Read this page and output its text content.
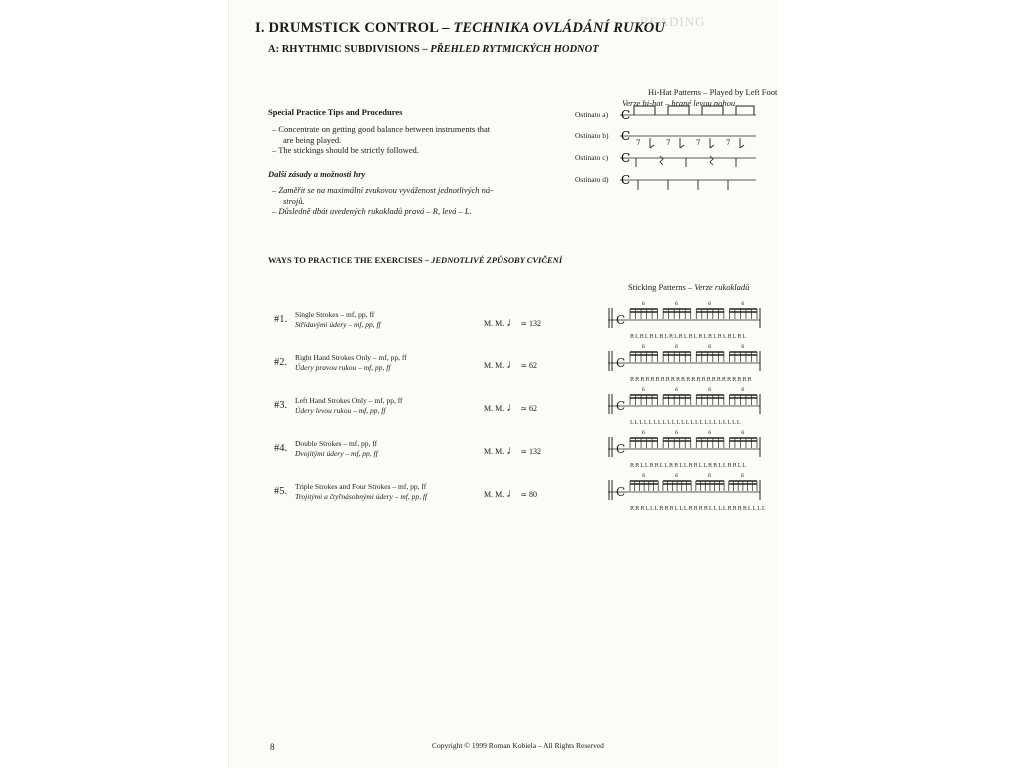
READING
I. DRUMSTICK CONTROL – TECHNIKA OVLÁDÁNÍ RUKOU
A: RHYTHMIC SUBDIVISIONS – PŘEHLED RYTMICKÝCH HODNOT
Special Practice Tips and Procedures
– Concentrate on getting good balance between instruments that
are being played.
– The stickings should be strictly followed.
Další zásady a možnosti hry
– Zaměřit se na maximální zvukovou vyváženost jednotlivých ná-
strojů.
– Důsledně dbát uvedených rukokladů pravá – R, levá – L.
Hi-Hat Patterns – Played by Left Foot
Verze hi-hat – hrané levou nohou
Ostinato a)
Ostinato b)
Ostinato c)
Ostinato d)
C
C 7	7	7	7
C
C
WAYS TO PRACTICE THE EXERCISES – JEDNOTLIVÉ ZPŮSOBY CVIČENÍ
Sticking Patterns – Verze rukokladů
#1. Single Strokes – mf, pp, ff
Střídavými údery – mf, pp, ff	M. M. ♩ ≃ 132
#2. Right Hand Strokes Only – mf, pp, ff
Údery pravou rukou – mf, pp, ff	M. M. ♩ ≃ 62
#3. Left Hand Strokes Only – mf, pp, ff
Údery levou rukou – mf, pp, ff	M. M. ♩ ≃ 62
#4. Double Strokes – mf, pp, ff
Dvojitými údery – mf, pp, ff	M. M. ♩ ≃ 132
#5. Triple Strokes and Four Strokes – mf, pp, ff
Trojitými a čtyřnásobnými údery – mf, pp, ff	M. M. ♩ ≃ 80
C
6	6	6	6
RLRLRLRLRLRLRLRLRLRLRLRL
C
6	6	6	6
RRRRRRRRRRRRRRRRRRRRRRRR
C
6	6	6	6
LLLLLLLLLLLLLLLLLLLLLLLL
C
6	6	6	6
RRLLRRLLRRLLRRLLRRLLRRLL
C
6	6	6	6
RRRLLLRRRLLLRRRRLLLLRRRRLLLL
8	Copyright © 1999 Roman Kobiela – All Rights Reserved
